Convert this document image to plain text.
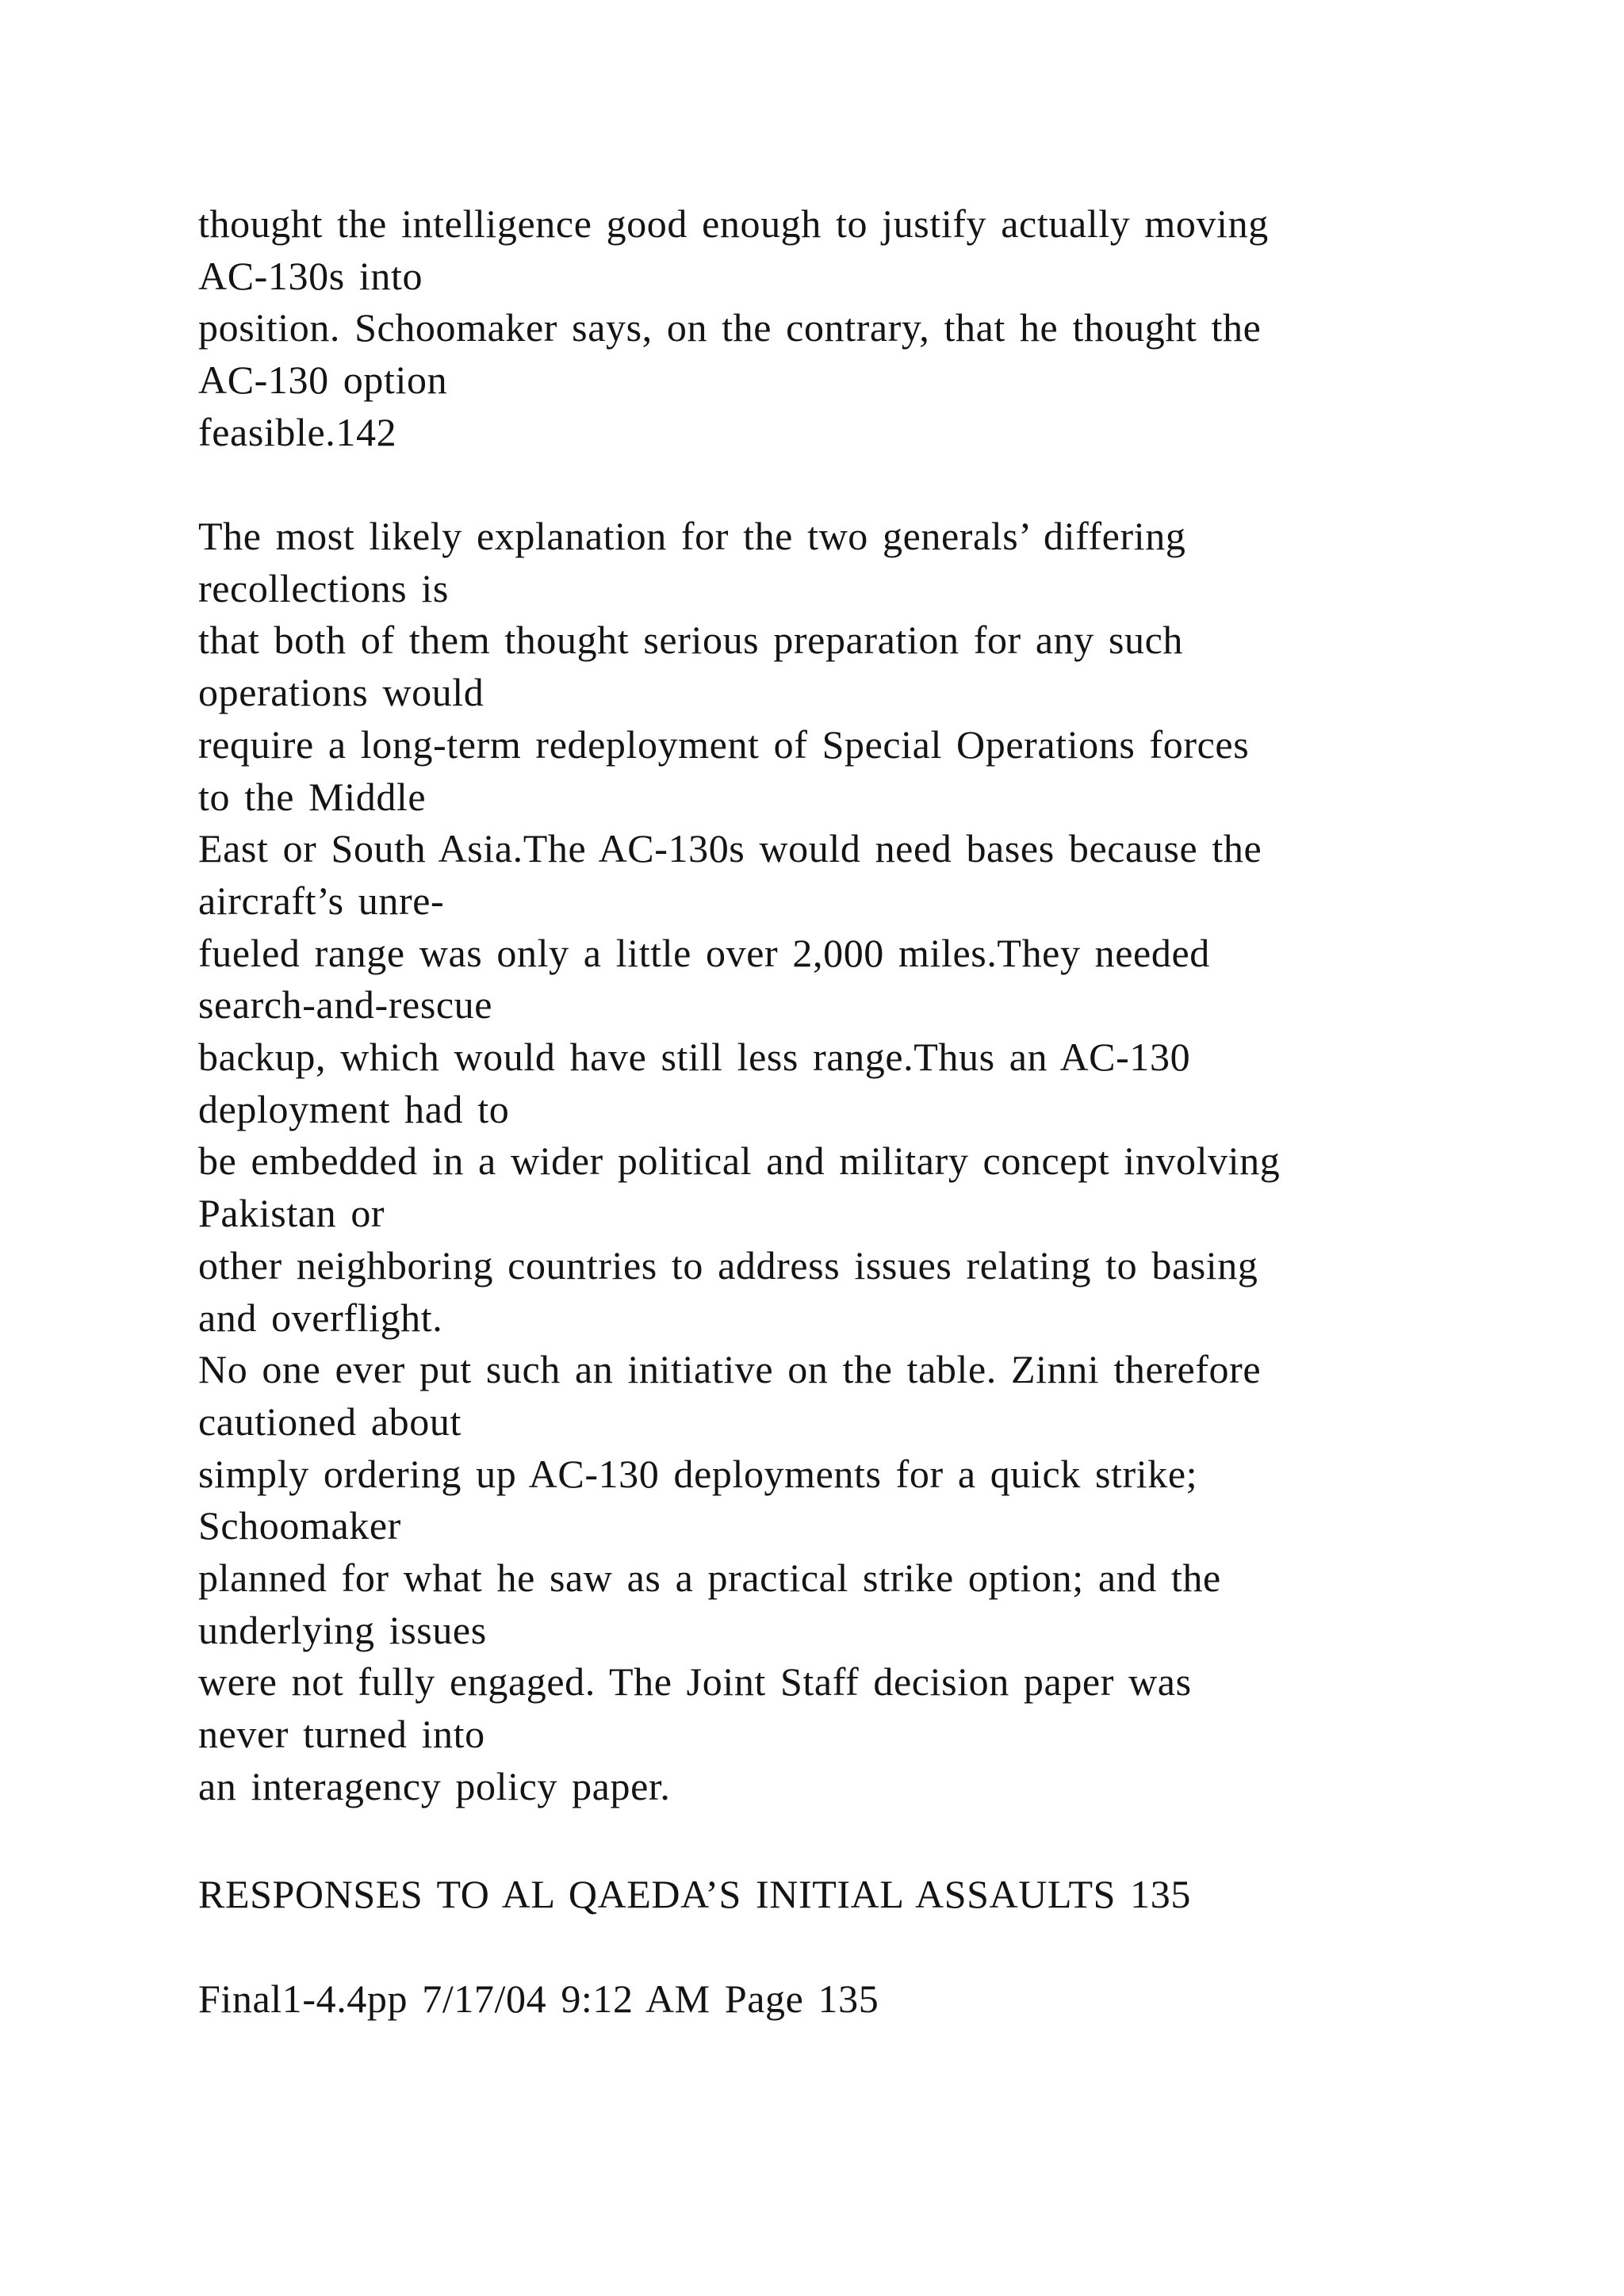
thought the intelligence good enough to justify actually moving
AC-130s into
position. Schoomaker says, on the contrary, that he thought the
AC-130 option
feasible.142
The most likely explanation for the two generals’ differing
recollections is
that both of them thought serious preparation for any such
operations would
require a long-term redeployment of Special Operations forces
to the Middle
East or South Asia.The AC-130s would need bases because the
aircraft’s unre-
fueled range was only a little over 2,000 miles.They needed
search-and-rescue
backup, which would have still less range.Thus an AC-130
deployment had to
be embedded in a wider political and military concept involving
Pakistan or
other neighboring countries to address issues relating to basing
and overflight.
No one ever put such an initiative on the table. Zinni therefore
cautioned about
simply ordering up AC-130 deployments for a quick strike;
Schoomaker
planned for what he saw as a practical strike option; and the
underlying issues
were not fully engaged. The Joint Staff decision paper was
never turned into
an interagency policy paper.
RESPONSES TO AL QAEDA’S INITIAL ASSAULTS 135
Final1-4.4pp 7/17/04 9:12 AM Page 135
